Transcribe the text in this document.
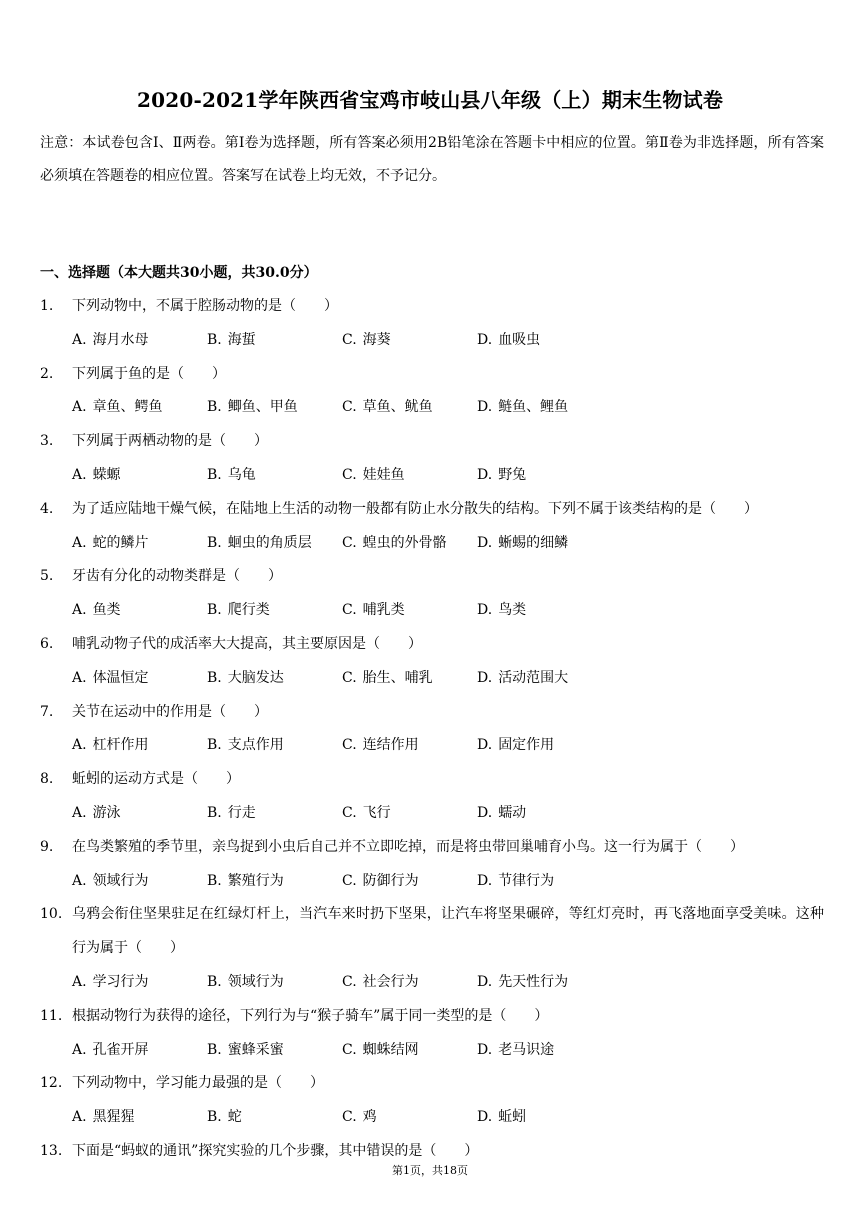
2020-2021学年陕西省宝鸡市岐山县八年级（上）期末生物试卷
注意：本试卷包含Ⅰ、Ⅱ两卷。第Ⅰ卷为选择题，所有答案必须用2B铅笔涂在答题卡中相应的位置。第Ⅱ卷为非选择题，所有答案必须填在答题卷的相应位置。答案写在试卷上均无效，不予记分。
一、选择题（本大题共30小题，共30.0分）
1.	下列动物中，不属于腔肠动物的是（　　）
A. 海月水母	B. 海蜇	C. 海葵	D. 血吸虫
2.	下列属于鱼的是（　　）
A. 章鱼、鳄鱼	B. 鲫鱼、甲鱼	C. 草鱼、鱿鱼	D. 鲢鱼、鲤鱼
3.	下列属于两栖动物的是（　　）
A. 蝾螈	B. 乌龟	C. 娃娃鱼	D. 野兔
4.	为了适应陆地干燥气候，在陆地上生活的动物一般都有防止水分散失的结构。下列不属于该类结构的是（　　）
A. 蛇的鳞片	B. 蛔虫的角质层	C. 蝗虫的外骨骼	D. 蜥蜴的细鳞
5.	牙齿有分化的动物类群是（　　）
A. 鱼类	B. 爬行类	C. 哺乳类	D. 鸟类
6.	哺乳动物子代的成活率大大提高，其主要原因是（　　）
A. 体温恒定	B. 大脑发达	C. 胎生、哺乳	D. 活动范围大
7.	关节在运动中的作用是（　　）
A. 杠杆作用	B. 支点作用	C. 连结作用	D. 固定作用
8.	蚯蚓的运动方式是（　　）
A. 游泳	B. 行走	C. 飞行	D. 蠕动
9.	在鸟类繁殖的季节里，亲鸟捉到小虫后自己并不立即吃掉，而是将虫带回巢哺育小鸟。这一行为属于（　　）
A. 领域行为	B. 繁殖行为	C. 防御行为	D. 节律行为
10. 乌鸦会衔住坚果驻足在红绿灯杆上，当汽车来时扔下坚果，让汽车将坚果碾碎，等红灯亮时，再飞落地面享受美味。这种行为属于（　　）
A. 学习行为	B. 领域行为	C. 社会行为	D. 先天性行为
11. 根据动物行为获得的途径，下列行为与“猴子骑车”属于同一类型的是（　　）
A. 孔雀开屏	B. 蜜蜂采蜜	C. 蜘蛛结网	D. 老马识途
12. 下列动物中，学习能力最强的是（　　）
A. 黑猩猩	B. 蛇	C. 鸡	D. 蚯蚓
13. 下面是“蚂蚁的通讯”探究实验的几个步骤，其中错误的是（　　）
第1页，共18页
